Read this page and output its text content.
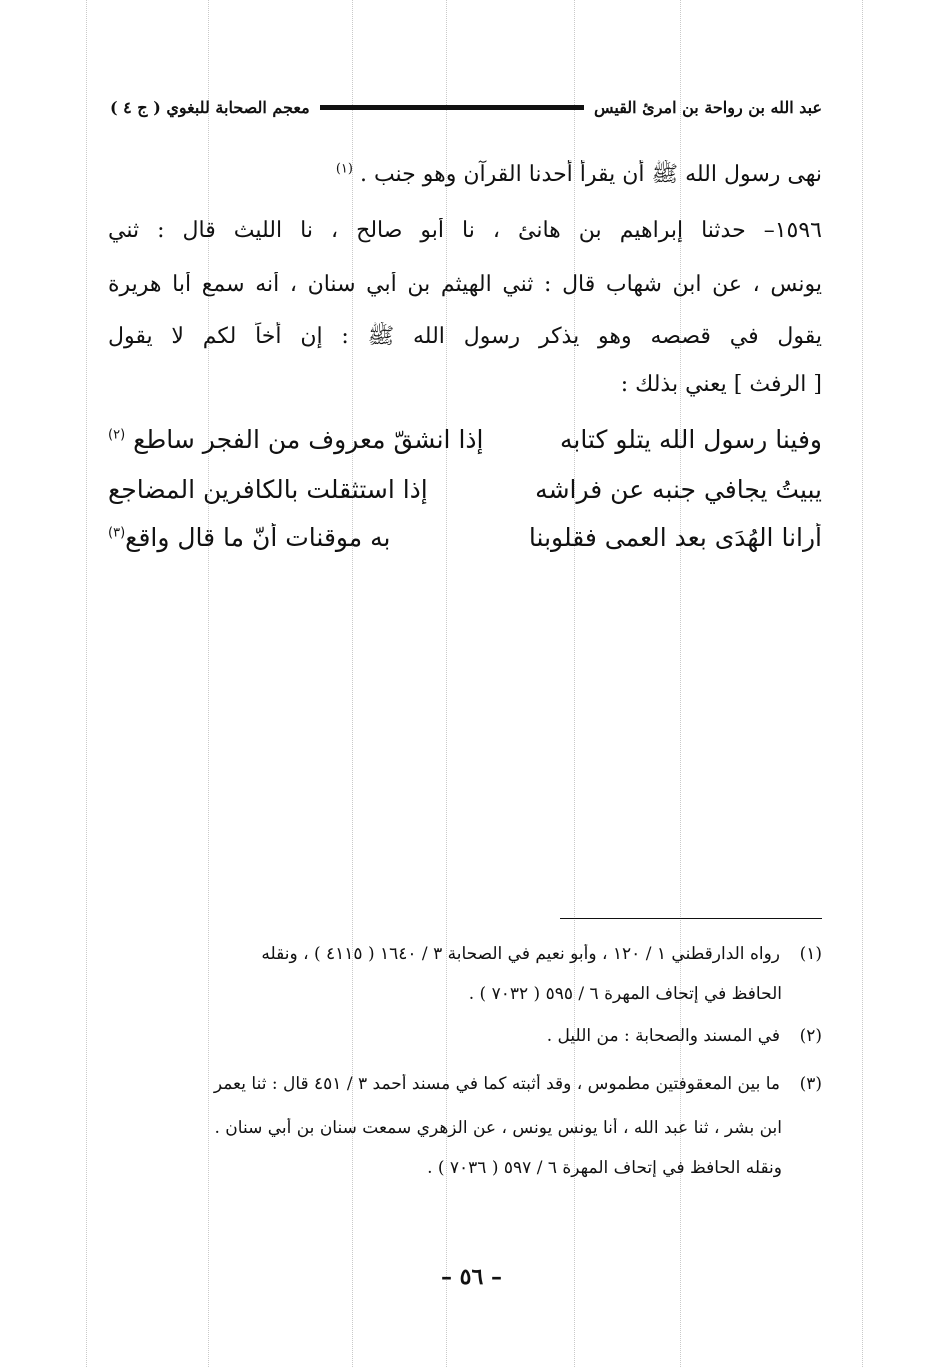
عبد الله بن رواحة بن امرئ القيس
معجم الصحابة للبغوي ( ج ٤ )
نهى رسول الله ﷺ أن يقرأ أحدنا القرآن وهو جنب . $^{(١)}$
١٥٩٦– حدثنا إبراهيم بن هانئ ، نا أبو صالح ، نا الليث قال : ثني
يونس ، عن ابن شهاب قال : ثني الهيثم بن أبي سنان ، أنه سمع أبا هريرة
يقول في قصصه وهو يذكر رسول الله ﷺ : إن أخاً لكم لا يقول
[ الرفث ] يعني بذلك :
وفينا رسول الله يتلو كتابه
إذا انشقّ معروف من الفجر ساطع $^{(٢)}$
يبيتُ يجافي جنبه عن فراشه
إذا استثقلت بالكافرين المضاجع
أرانا الهُدَى بعد العمى فقلوبنا
به موقنات أنّ ما قال واقع$^{(٣)}$
(١)رواه الدارقطني ١ / ١٢٠ ، وأبو نعيم في الصحابة ٣ / ١٦٤٠ ( ٤١١٥ ) ، ونقله
الحافظ في إتحاف المهرة ٦ / ٥٩٥ ( ٧٠٣٢ ) .
(٢)في المسند والصحابة : من الليل .
(٣)ما بين المعقوفتين مطموس ، وقد أثبته كما في مسند أحمد ٣ / ٤٥١ قال : ثنا يعمر
ابن بشر ، ثنا عبد الله ، أنا يونس يونس ، عن الزهري سمعت سنان بن أبي سنان .
ونقله الحافظ في إتحاف المهرة ٦ / ٥٩٧ ( ٧٠٣٦ ) .
– ٥٦ –
